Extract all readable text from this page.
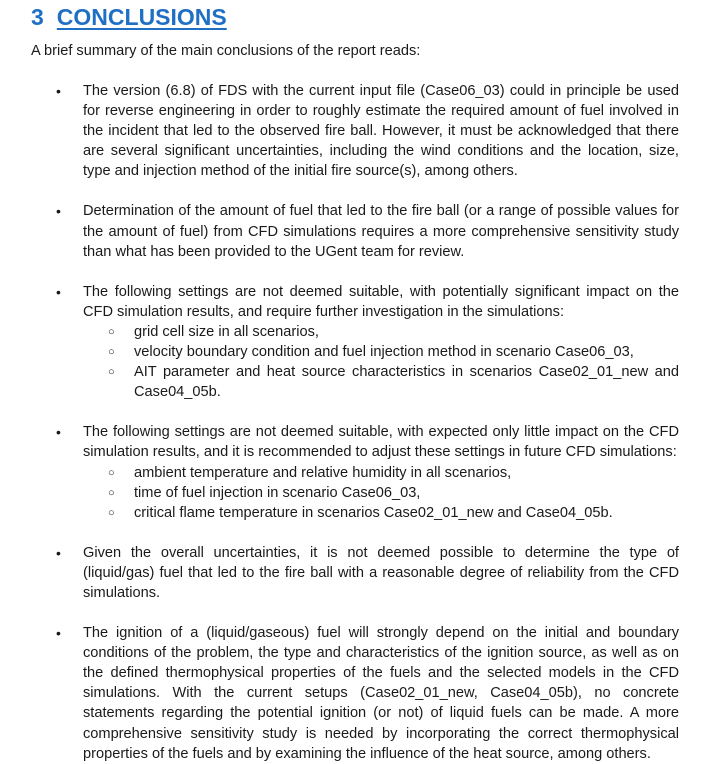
3 CONCLUSIONS
A brief summary of the main conclusions of the report reads:
• The version (6.8) of FDS with the current input file (Case06_03) could in principle be used for reverse engineering in order to roughly estimate the required amount of fuel involved in the incident that led to the observed fire ball. However, it must be acknowledged that there are several significant uncertainties, including the wind conditions and the location, size, type and injection method of the initial fire source(s), among others.
• Determination of the amount of fuel that led to the fire ball (or a range of possible values for the amount of fuel) from CFD simulations requires a more comprehensive sensitivity study than what has been provided to the UGent team for review.
• The following settings are not deemed suitable, with potentially significant impact on the CFD simulation results, and require further investigation in the simulations:
○ grid cell size in all scenarios,
○ velocity boundary condition and fuel injection method in scenario Case06_03,
○ AIT parameter and heat source characteristics in scenarios Case02_01_new and Case04_05b.
• The following settings are not deemed suitable, with expected only little impact on the CFD simulation results, and it is recommended to adjust these settings in future CFD simulations:
○ ambient temperature and relative humidity in all scenarios,
○ time of fuel injection in scenario Case06_03,
○ critical flame temperature in scenarios Case02_01_new and Case04_05b.
• Given the overall uncertainties, it is not deemed possible to determine the type of (liquid/gas) fuel that led to the fire ball with a reasonable degree of reliability from the CFD simulations.
• The ignition of a (liquid/gaseous) fuel will strongly depend on the initial and boundary conditions of the problem, the type and characteristics of the ignition source, as well as on the defined thermophysical properties of the fuels and the selected models in the CFD simulations. With the current setups (Case02_01_new, Case04_05b), no concrete statements regarding the potential ignition (or not) of liquid fuels can be made. A more comprehensive sensitivity study is needed by incorporating the correct thermophysical properties of the fuels and by examining the influence of the heat source, among others.
